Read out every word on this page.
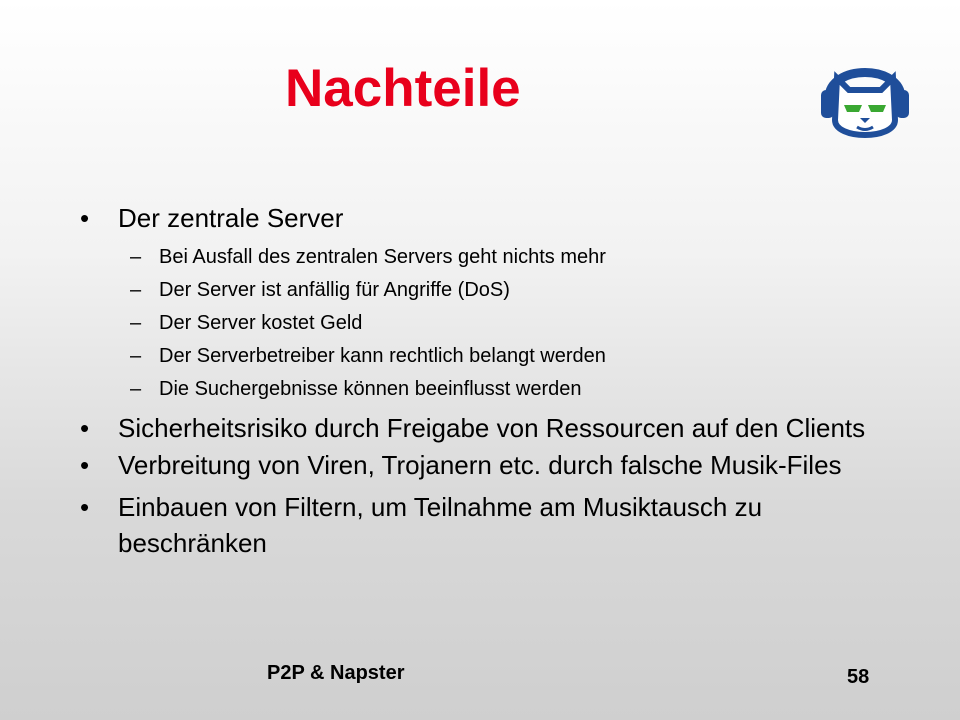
Nachteile
• Der zentrale Server
– Bei Ausfall des zentralen Servers geht nichts mehr
– Der Server ist anfällig für Angriffe (DoS)
– Der Server kostet Geld
– Der Serverbetreiber kann rechtlich belangt werden
– Die Suchergebnisse können beeinflusst werden
• Sicherheitsrisiko durch Freigabe von Ressourcen auf den Clients
• Verbreitung von Viren, Trojanern etc. durch falsche Musik-Files
• Einbauen von Filtern, um Teilnahme am Musiktausch zu beschränken
P2P & Napster	58
